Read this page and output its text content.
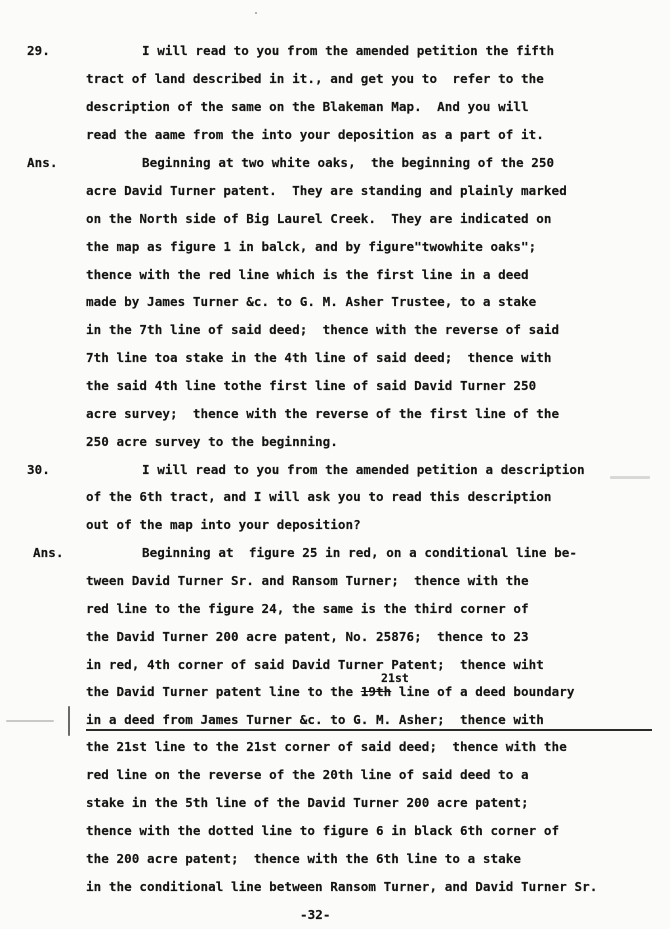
29.	I will read to you from the amended petition the fifth
tract of land described in it., and get you to  refer to the
description of the same on the Blakeman Map.  And you will
read the aame from the into your deposition as a part of it.
Ans.	Beginning at two white oaks,  the beginning of the 250
acre David Turner patent.  They are standing and plainly marked
on the North side of Big Laurel Creek.  They are indicated on
the map as figure 1 in balck, and by figure"twowhite oaks";
thence with the red line which is the first line in a deed
made by James Turner &c. to G. M. Asher Trustee, to a stake
in the 7th line of said deed;  thence with the reverse of said
7th line toa stake in the 4th line of said deed;  thence with
the said 4th line tothe first line of said David Turner 250
acre survey;  thence with the reverse of the first line of the
250 acre survey to the beginning.
30.	I will read to you from the amended petition a description
of the 6th tract, and I will ask you to read this description
out of the map into your deposition?
Ans.	Beginning at  figure 25 in red, on a conditional line be-
tween David Turner Sr. and Ransom Turner;  thence with the
red line to the figure 24, the same is the third corner of
the David Turner 200 acre patent, No. 25876;  thence to 23
in red, 4th corner of said David Turner Patent;  thence wiht
21st
the David Turner patent line to the 19th line of a deed boundary
in a deed from James Turner &c. to G. M. Asher;  thence with
the 21st line to the 21st corner of said deed;  thence with the
red line on the reverse of the 20th line of said deed to a
stake in the 5th line of the David Turner 200 acre patent;
thence with the dotted line to figure 6 in black 6th corner of
the 200 acre patent;  thence with the 6th line to a stake
in the conditional line between Ransom Turner, and David Turner Sr.
-32-
